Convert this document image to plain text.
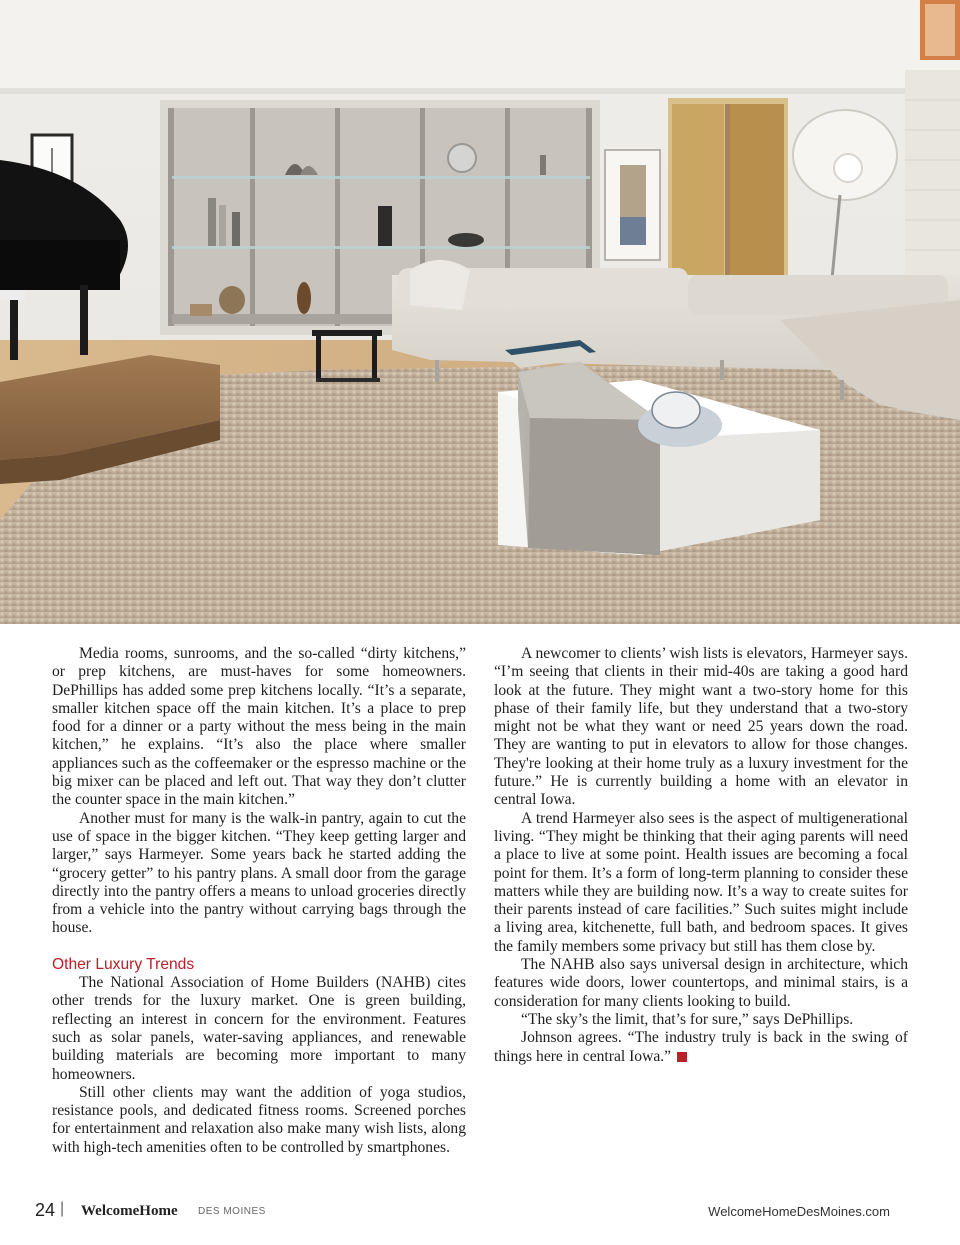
Media rooms, sunrooms, and the so-called “dirty kitchens,” or prep kitchens, are must-haves for some homeowners. DePhillips has added some prep kitchens locally. “It’s a separate, smaller kitchen space off the main kitchen. It’s a place to prep food for a dinner or a party without the mess being in the main kitchen,” he explains. “It’s also the place where smaller appliances such as the coffeemaker or the espresso machine or the big mixer can be placed and left out. That way they don’t clutter the counter space in the main kitchen.”

Another must for many is the walk-in pantry, again to cut the use of space in the bigger kitchen. “They keep getting larger and larger,” says Harmeyer. Some years back he started adding the “grocery getter” to his pantry plans. A small door from the garage directly into the pantry offers a means to unload groceries directly from a vehicle into the pantry without carrying bags through the house.

Other Luxury Trends

The National Association of Home Builders (NAHB) cites other trends for the luxury market. One is green building, reflecting an interest in concern for the environment. Features such as solar panels, water-saving appliances, and renewable building materials are becoming more important to many homeowners.

Still other clients may want the addition of yoga studios, resistance pools, and dedicated fitness rooms. Screened porches for entertainment and relaxation also make many wish lists, along with high-tech amenities often to be controlled by smartphones.

A newcomer to clients’ wish lists is elevators, Harmeyer says. “I’m seeing that clients in their mid-40s are taking a good hard look at the future. They might want a two-story home for this phase of their family life, but they understand that a two-story might not be what they want or need 25 years down the road. They are wanting to put in elevators to allow for those changes. They're looking at their home truly as a luxury investment for the future.” He is currently building a home with an elevator in central Iowa.

A trend Harmeyer also sees is the aspect of multigenerational living. “They might be thinking that their aging parents will need a place to live at some point. Health issues are becoming a focal point for them. It’s a form of long-term planning to consider these matters while they are building now. It’s a way to create suites for their parents instead of care facilities.” Such suites might include a living area, kitchenette, full bath, and bedroom spaces. It gives the family members some privacy but still has them close by.

The NAHB also says universal design in architecture, which features wide doors, lower countertops, and minimal stairs, is a consideration for many clients looking to build.

“The sky’s the limit, that’s for sure,” says DePhillips.

Johnson agrees. “The industry truly is back in the swing of things here in central Iowa.”

24 | WelcomeHome DES MOINES	WelcomeHomeDesMoines.com
